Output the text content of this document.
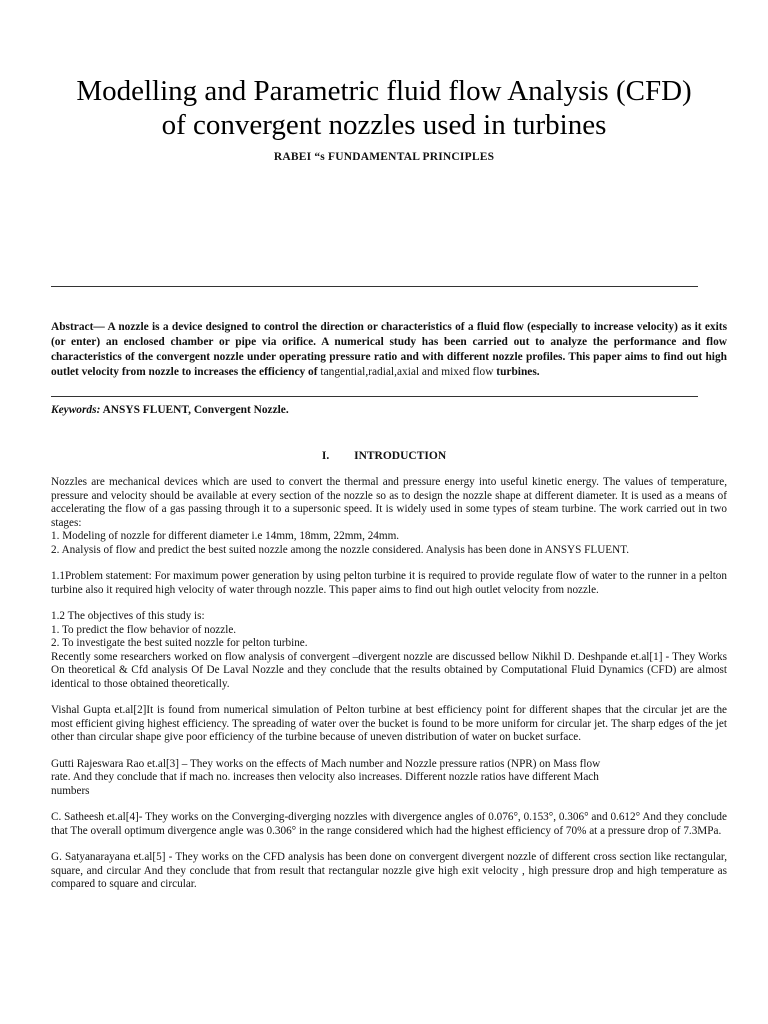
Modelling and Parametric fluid flow Analysis (CFD)
of convergent nozzles used in turbines
RABEI “s FUNDAMENTAL PRINCIPLES
Abstract— A nozzle is a device designed to control the direction or characteristics of a fluid flow (especially to increase velocity) as it exits (or enter) an enclosed chamber or pipe via orifice. A numerical study has been carried out to analyze the performance and flow characteristics of the convergent nozzle under operating pressure ratio and with different nozzle profiles. This paper aims to find out high outlet velocity from nozzle to increases the efficiency of tangential,radial,axial and mixed flow turbines.
Keywords: ANSYS FLUENT, Convergent Nozzle.
I. INTRODUCTION

Nozzles are mechanical devices which are used to convert the thermal and pressure energy into useful kinetic energy. The values of temperature, pressure and velocity should be available at every section of the nozzle so as to design the nozzle shape at different diameter. It is used as a means of accelerating the flow of a gas passing through it to a supersonic speed. It is widely used in some types of steam turbine. The work carried out in two stages:
1. Modeling of nozzle for different diameter i.e 14mm, 18mm, 22mm, 24mm.
2. Analysis of flow and predict the best suited nozzle among the nozzle considered. Analysis has been done in ANSYS FLUENT.

1.1Problem statement: For maximum power generation by using pelton turbine it is required to provide regulate flow of water to the runner in a pelton turbine also it required high velocity of water through nozzle. This paper aims to find out high outlet velocity from nozzle.

1.2 The objectives of this study is:
1. To predict the flow behavior of nozzle.
2. To investigate the best suited nozzle for pelton turbine.
Recently some researchers worked on flow analysis of convergent –divergent nozzle are discussed bellow Nikhil D. Deshpande et.al[1] - They Works On theoretical & Cfd analysis Of De Laval Nozzle and they conclude that the results obtained by Computational Fluid Dynamics (CFD) are almost identical to those obtained theoretically.

Vishal Gupta et.al[2]It is found from numerical simulation of Pelton turbine at best efficiency point for different shapes that the circular jet are the most efficient giving highest efficiency. The spreading of water over the bucket is found to be more uniform for circular jet. The sharp edges of the jet other than circular shape give poor efficiency of the turbine because of uneven distribution of water on bucket surface.

Gutti Rajeswara Rao et.al[3] – They works on the effects of Mach number and Nozzle pressure ratios (NPR) on Mass flow
rate. And they conclude that if mach no. increases then velocity also increases. Different nozzle ratios have different Mach
numbers

C. Satheesh et.al[4]- They works on the Converging-diverging nozzles with divergence angles of 0.076°, 0.153°, 0.306° and 0.612° And they conclude that The overall optimum divergence angle was 0.306° in the range considered which had the highest efficiency of 70% at a pressure drop of 7.3MPa.

G. Satyanarayana et.al[5] - They works on the CFD analysis has been done on convergent divergent nozzle of different cross section like rectangular, square, and circular And they conclude that from result that rectangular nozzle give high exit velocity , high pressure drop and high temperature as compared to square and circular.
